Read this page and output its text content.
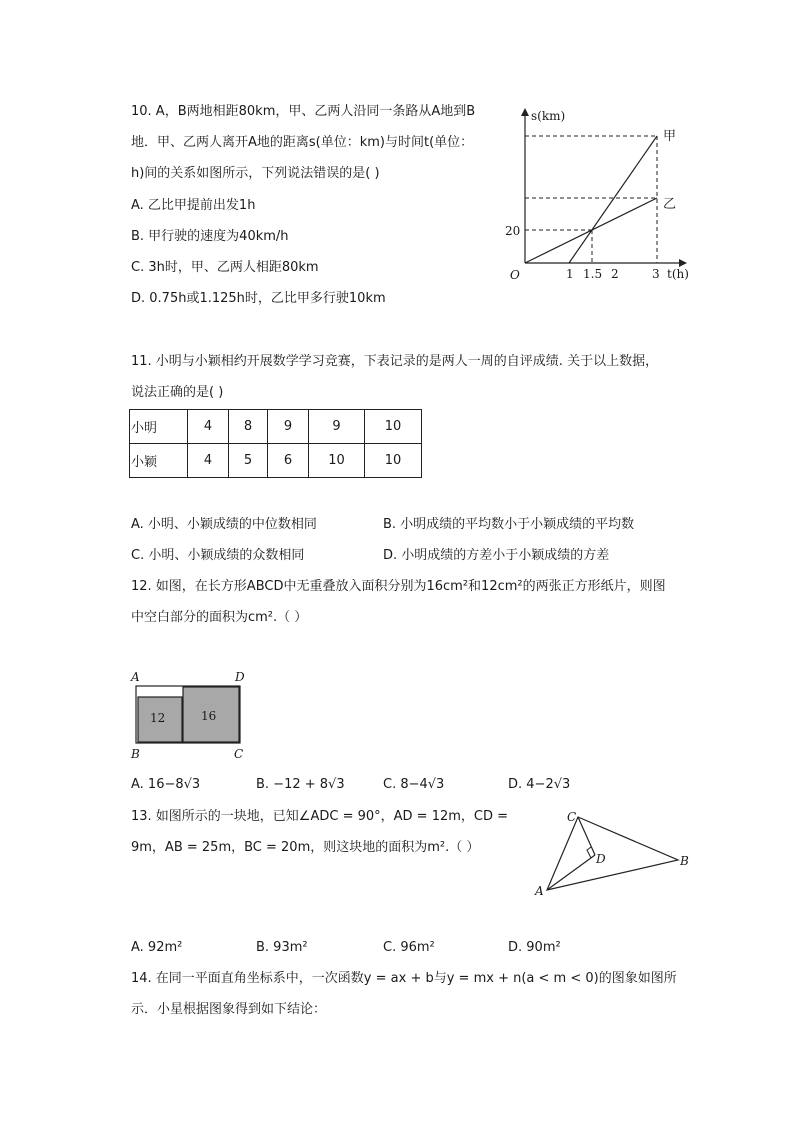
10. A，B两地相距80km，甲、乙两人沿同一条路从A地到B
地．甲、乙两人离开A地的距离s(单位：km)与时间t(单位：
h)间的关系如图所示，下列说法错误的是( )
A. 乙比甲提前出发1h
B. 甲行驶的速度为40km/h
C. 3h时，甲、乙两人相距80km
D. 0.75h或1.125h时，乙比甲多行驶10km
s(km)
t(h)
O
20
1 1.5 2	3
甲
乙
11. 小明与小颖相约开展数学学习竞赛，下表记录的是两人一周的自评成绩. 关于以上数据，
说法正确的是( )
小明	4	8	9	9	10
小颖	4	5	6	10	10
A. 小明、小颖成绩的中位数相同	B. 小明成绩的平均数小于小颖成绩的平均数
C. 小明、小颖成绩的众数相同	D. 小明成绩的方差小于小颖成绩的方差
12. 如图，在长方形ABCD中无重叠放入面积分别为16cm²和12cm²的两张正方形纸片，则图
中空白部分的面积为cm².（ ）
12	16
A	D
B	C
A. 16−8√3	B. −12 + 8√3	C. 8−4√3	D. 4−2√3
13. 如图所示的一块地，已知∠ADC = 90°，AD = 12m，CD =
9m，AB = 25m，BC = 20m，则这块地的面积为m².（ ）
C
D	B
A
A. 92m²	B. 93m²	C. 96m²	D. 90m²
14. 在同一平面直角坐标系中，一次函数y = ax + b与y = mx + n(a < m < 0)的图象如图所
示．小星根据图象得到如下结论：
